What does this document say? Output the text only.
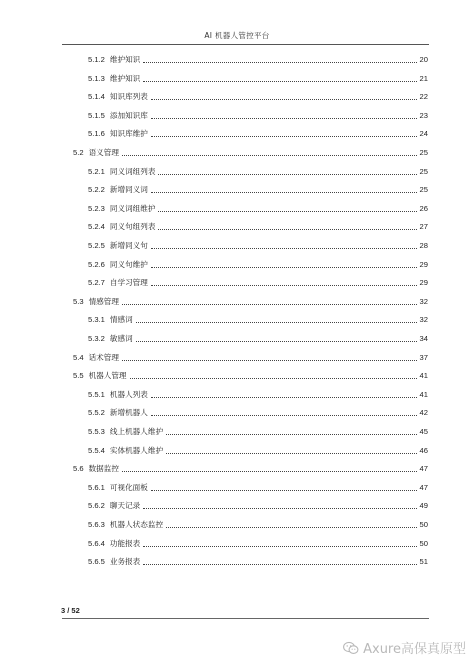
AI 机器人管控平台
5.1.2 维护知识	20
5.1.3 维护知识	21
5.1.4 知识库列表	22
5.1.5 添加知识库	23
5.1.6 知识库维护	24
5.2 语义管理	25
5.2.1 同义词组列表	25
5.2.2 新增同义词	25
5.2.3 同义词组维护	26
5.2.4 同义句组列表	27
5.2.5 新增同义句	28
5.2.6 同义句维护	29
5.2.7 自学习管理	29
5.3 情感管理	32
5.3.1 情感词	32
5.3.2 敏感词	34
5.4 话术管理	37
5.5 机器人管理	41
5.5.1 机器人列表	41
5.5.2 新增机器人	42
5.5.3 线上机器人维护	45
5.5.4 实体机器人维护	46
5.6 数据监控	47
5.6.1 可视化面板	47
5.6.2 聊天记录	49
5.6.3 机器人状态监控	50
5.6.4 功能报表	50
5.6.5 业务报表	51
3 / 52
Axure高保真原型
